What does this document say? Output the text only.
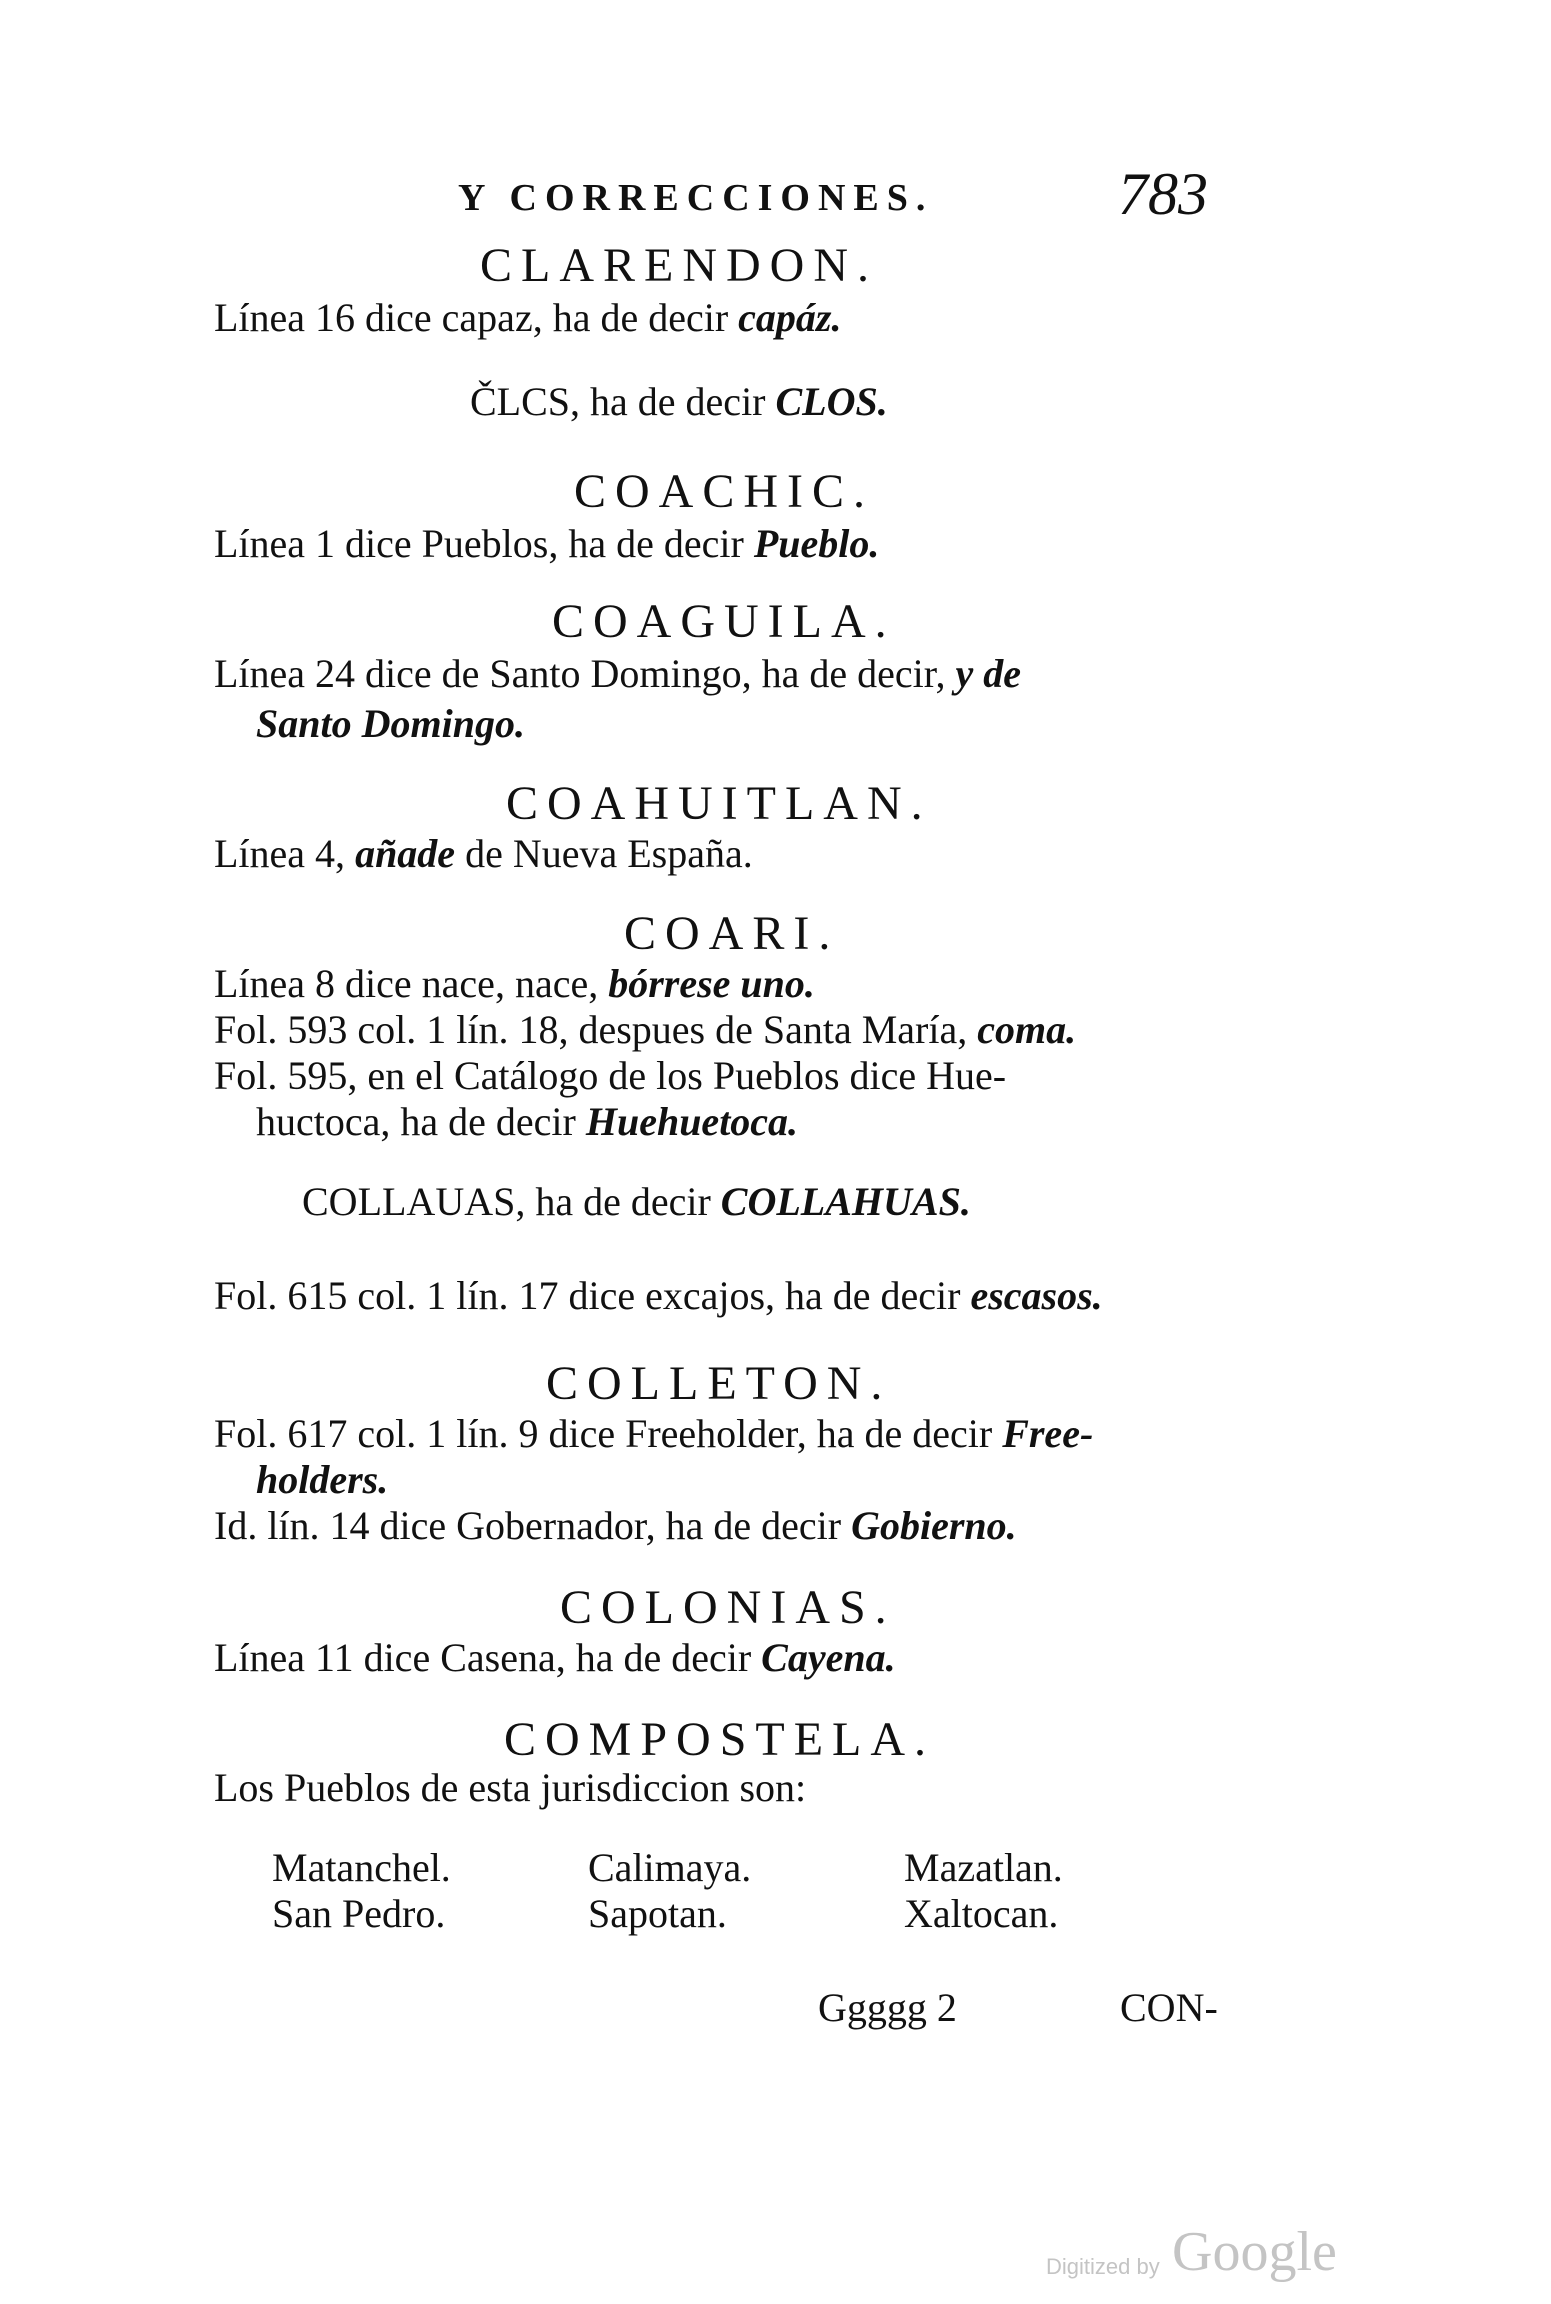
Y CORRECCIONES.	783
CLARENDON.
Línea 16 dice capaz, ha de decir capáz.
ČLCS, ha de decir CLOS.
COACHIC.
Línea 1 dice Pueblos, ha de decir Pueblo.
COAGUILA.
Línea 24 dice de Santo Domingo, ha de decir, y de
Santo Domingo.
COAHUITLAN.
Línea 4, añade de Nueva España.
COARI.
Línea 8 dice nace, nace, bórrese uno.
Fol. 593 col. 1 lín. 18, despues de Santa María, coma.
Fol. 595, en el Catálogo de los Pueblos dice Hue-
huctoca, ha de decir Huehuetoca.
COLLAUAS, ha de decir COLLAHUAS.
Fol. 615 col. 1 lín. 17 dice excajos, ha de decir escasos.
COLLETON.
Fol. 617 col. 1 lín. 9 dice Freeholder, ha de decir Free-
holders.
Id. lín. 14 dice Gobernador, ha de decir Gobierno.
COLONIAS.
Línea 11 dice Casena, ha de decir Cayena.
COMPOSTELA.
Los Pueblos de esta jurisdiccion son:
Matanchel.
San Pedro.
Calimaya.
Sapotan.
Mazatlan.
Xaltocan.
Ggggg 2	CON-
Digitized by Google
